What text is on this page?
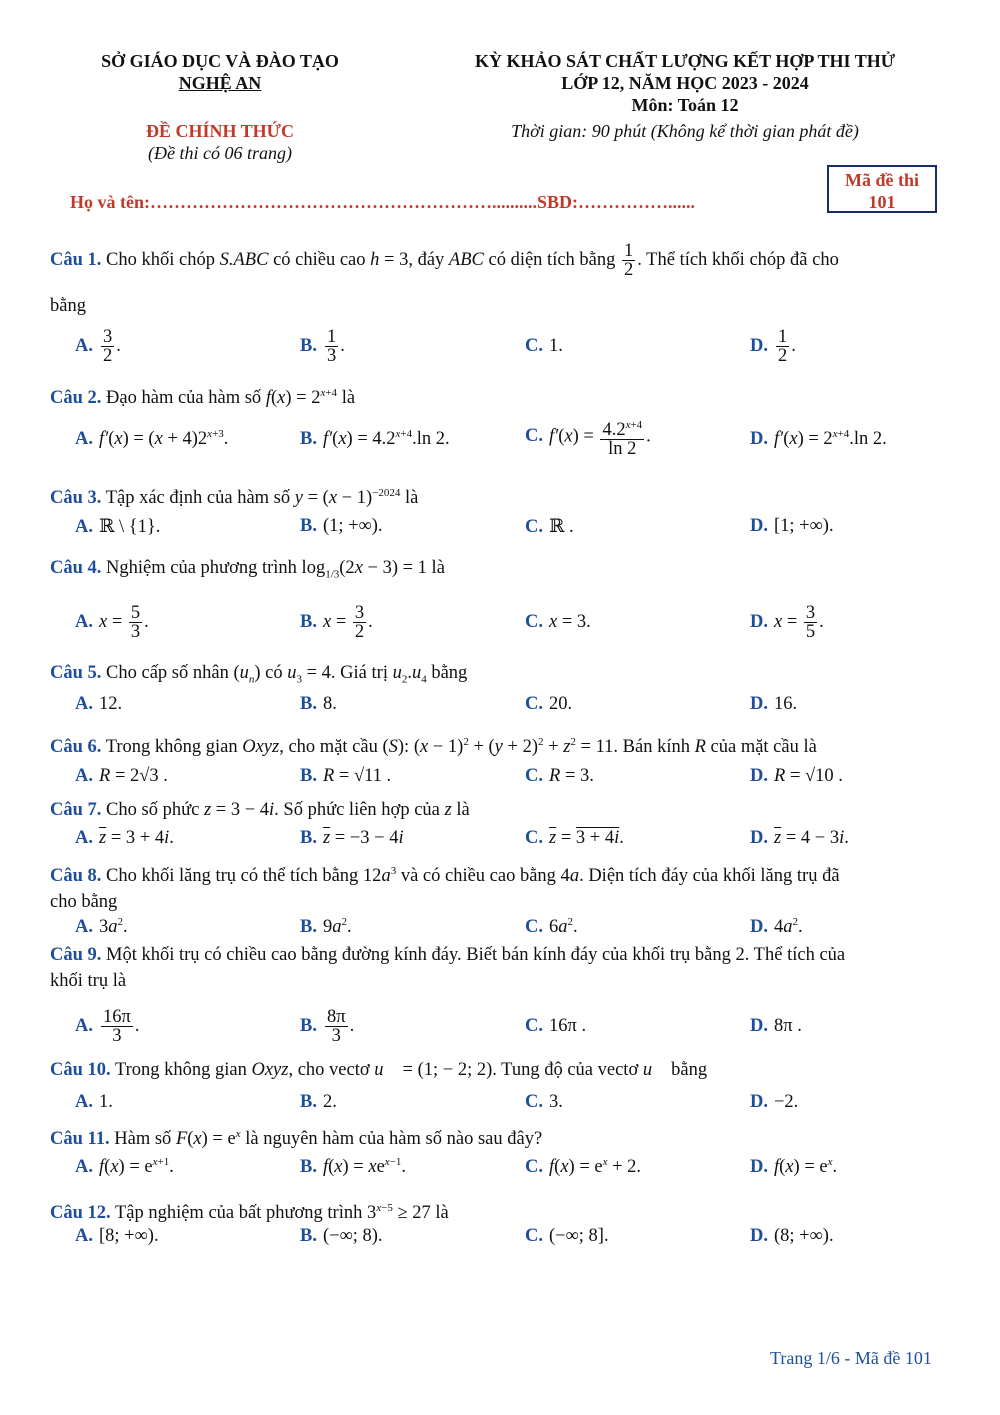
SỞ GIÁO DỤC VÀ ĐÀO TẠO
NGHỆ AN
KỲ KHẢO SÁT CHẤT LƯỢNG KẾT HỢP THI THỬ
LỚP 12, NĂM HỌC 2023 - 2024
Môn: Toán 12
ĐỀ CHÍNH THỨC
(Đề thi có 06 trang)
Thời gian: 90 phút (Không kể thời gian phát đề)
Họ và tên:…………………………………………………..........SBD:……………......
Mã đề thi
101
Câu 1. Cho khối chóp S.ABC có chiều cao h = 3, đáy ABC có diện tích bằng $\frac{1}{2}$ . Thể tích khối chóp đã cho
bằng
A. $\frac{3}{2}$ .	B. $\frac{1}{3}$ .	C. 1.	D. $\frac{1}{2}$ .
Câu 2. Đạo hàm của hàm số $f(x) = 2^{x+4}$ là
A. $f'(x) = (x + 4)2^{x+3}$.	B. $f'(x) = 4.2^{x+4}.\ln$ 2.	C. $f'(x) = \frac{4.2^{x+4}}{\ln 2}$ .	D. $f'(x) = 2^{x+4}.\ln$ 2.
Câu 3. Tập xác định của hàm số $y = (x - 1)^{-2024}$ là
A. ℝ \ {1}.	B. (1; +∞).	C. ℝ .	D. [1; +∞).
Câu 4. Nghiệm của phương trình $\log_{1/3}(2x - 3) = 1$ là
A. $x = \frac{5}{3}$ .	B. $x = \frac{3}{2}$ .	C. x = 3.	D. $x = \frac{3}{5}$ .
Câu 5. Cho cấp số nhân $(u_n)$ có $u_3 = 4$. Giá trị $u_2.u_4$ bằng
A. 12.	B. 8.	C. 20.	D. 16.
Câu 6. Trong không gian Oxyz, cho mặt cầu (S): $(x - 1)^2 + (y + 2)^2 + z^2 = 11$. Bán kính R của mặt cầu là
A. R = 2√3 .	B. R = √11 .	C. R = 3.	D. R = √10 .
Câu 7. Cho số phức z = 3 − 4i. Số phức liên hợp của z là
A. $\overline{z} = 3 + 4i$.	B. $\overline{z} = -3 - 4i$	C. $\overline{z} = 3 + 4i$.	D. $\overline{z} = 4 - 3i$.
Câu 8. Cho khối lăng trụ có thể tích bằng $12a^3$ và có chiều cao bằng 4a. Diện tích đáy của khối lăng trụ đã
cho bằng
A. $3a^2$.	B. $9a^2$.	C. $6a^2$.	D. $4a^2$.
Câu 9. Một khối trụ có chiều cao bằng đường kính đáy. Biết bán kính đáy của khối trụ bằng 2. Thể tích của
khối trụ là
A. $\frac{16\pi}{3}$ .	B. $\frac{8\pi}{3}$ .	C. 16π .	D. 8π .
Câu 10. Trong không gian Oxyz, cho vectơ u⃗ = (1; − 2; 2). Tung độ của vectơ u⃗ bằng
A. 1.	B. 2.	C. 3.	D. −2.
Câu 11. Hàm số $F(x) = e^x$ là nguyên hàm của hàm số nào sau đây?
A. $f(x) = e^{x+1}$.	B. $f(x) = xe^{x-1}$.	C. $f(x) = e^x + 2$.	D. $f(x) = e^x$.
Câu 12. Tập nghiệm của bất phương trình $3^{x-5} \ge 27$ là
A. [8; +∞).	B. (−∞; 8).	C. (−∞; 8].	D. (8; +∞).
Trang 1/6 - Mã đề 101
